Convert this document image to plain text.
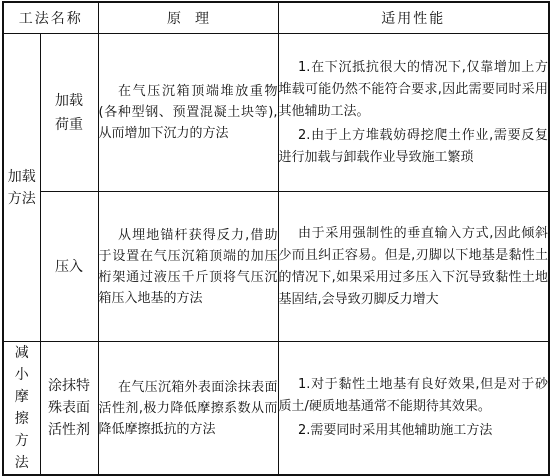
工法名称		原　理	适用性能
加载方法	加载荷重	在气压沉箱顶端堆放重物(各种型钢、预置混凝土块等),从而增加下沉力的方法	1.在下沉抵抗很大的情况下,仅靠增加上方堆载可能仍然不能符合要求,因此需要同时采用其他辅助工法。

2.由于上方堆载妨碍挖爬土作业,需要反复进行加载与卸载作业导致施工繁琐

	压入	从埋地锚杆获得反力,借助于设置在气压沉箱顶端的加压桁架通过液压千斤顶将气压沉箱压入地基的方法	由于采用强制性的垂直输入方式,因此倾斜少而且纠正容易。但是,刃脚以下地基是黏性土的情况下,如果采用过多压入下沉导致黏性土地基固结,会导致刃脚反力增大

减小摩擦方法	涂抹特殊表面活性剂	在气压沉箱外表面涂抹表面活性剂,极力降低摩擦系数从而降低摩擦抵抗的方法	1.对于黏性土地基有良好效果,但是对于砂质土/硬质地基通常不能期待其效果。

2.需要同时采用其他辅助施工方法
